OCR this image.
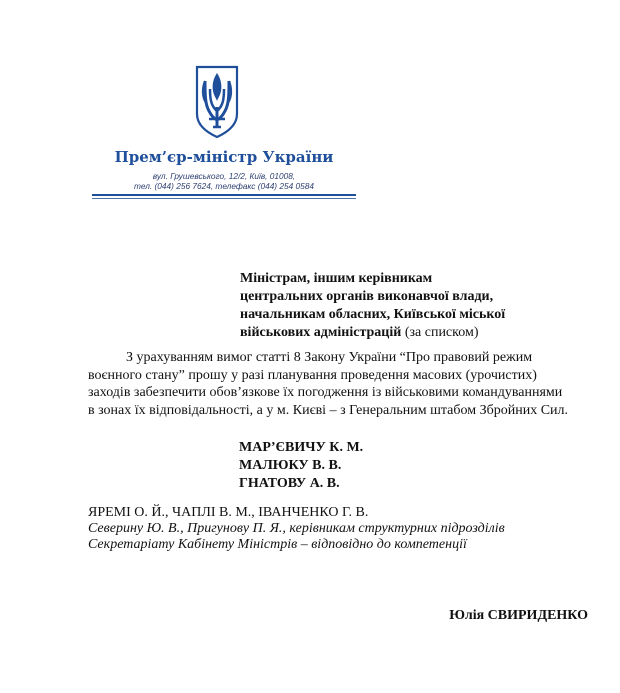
Прем’єр-міністр України
вул. Грушевського, 12/2, Київ, 01008,
тел. (044) 256 7624, телефакс (044) 254 0584
Міністрам, іншим керівникам
центральних органів виконавчої влади,
начальникам обласних, Київської міської
військових адміністрацій (за списком)
З урахуванням вимог статті 8 Закону України “Про правовий режим
воєнного стану” прошу у разі планування проведення масових (урочистих)
заходів забезпечити обов’язкове їх погодження із військовими командуваннями
в зонах їх відповідальності, а у м. Києві – з Генеральним штабом Збройних Сил.
МАР’ЄВИЧУ К. М.
МАЛЮКУ В. В.
ГНАТОВУ А. В.
ЯРЕМІ О. Й., ЧАПЛІ В. М., ІВАНЧЕНКО Г. В.
Северину Ю. В., Пригунову П. Я., керівникам структурних підрозділів
Секретаріату Кабінету Міністрів – відповідно до компетенції
Юлія СВИРИДЕНКО
